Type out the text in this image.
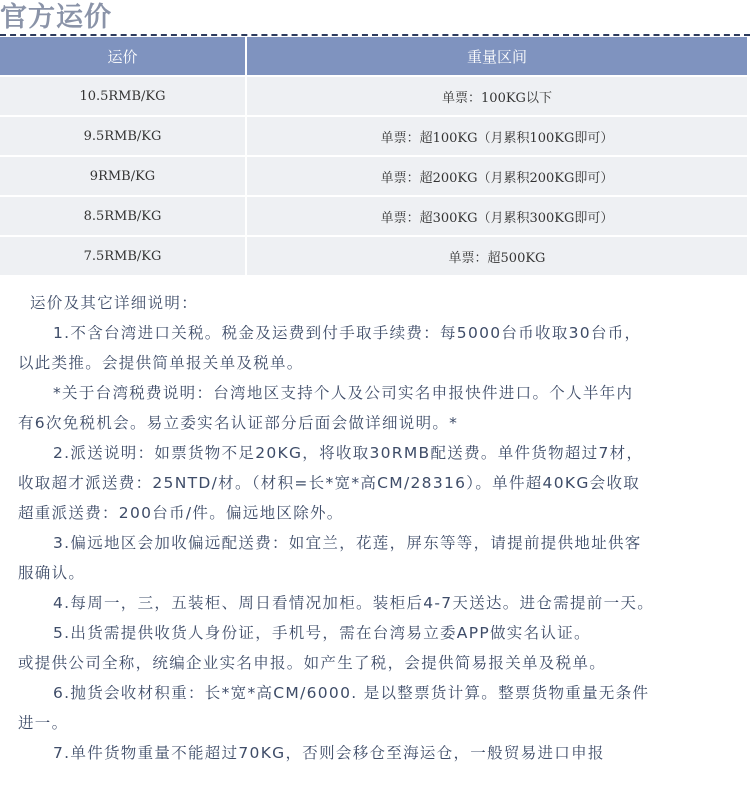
官方运价
运价	重量区间
10.5RMB/KG	单票：100KG以下
9.5RMB/KG	单票：超100KG（月累积100KG即可）
9RMB/KG	单票：超200KG（月累积200KG即可）
8.5RMB/KG	单票：超300KG（月累积300KG即可）
7.5RMB/KG	单票：超500KG

运价及其它详细说明：

1.不含台湾进口关税。税金及运费到付手取手续费：每5000台币收取30台币，

以此类推。会提供简单报关单及税单。

*关于台湾税费说明：台湾地区支持个人及公司实名申报快件进口。个人半年内

有6次免税机会。易立委实名认证部分后面会做详细说明。*

2.派送说明：如票货物不足20KG，将收取30RMB配送费。单件货物超过7材，

收取超才派送费：25NTD/材。（材积=长*宽*高CM/28316）。单件超40KG会收取

超重派送费：200台币/件。偏远地区除外。

3.偏远地区会加收偏远配送费：如宜兰，花莲，屏东等等，请提前提供地址供客

服确认。

4.每周一，三，五装柜、周日看情况加柜。装柜后4-7天送达。进仓需提前一天。

5.出货需提供收货人身份证，手机号，需在台湾易立委APP做实名认证。

或提供公司全称，统编企业实名申报。如产生了税，会提供简易报关单及税单。

6.抛货会收材积重：长*宽*高CM/6000. 是以整票货计算。整票货物重量无条件

进一。

7.单件货物重量不能超过70KG，否则会移仓至海运仓，一般贸易进口申报
